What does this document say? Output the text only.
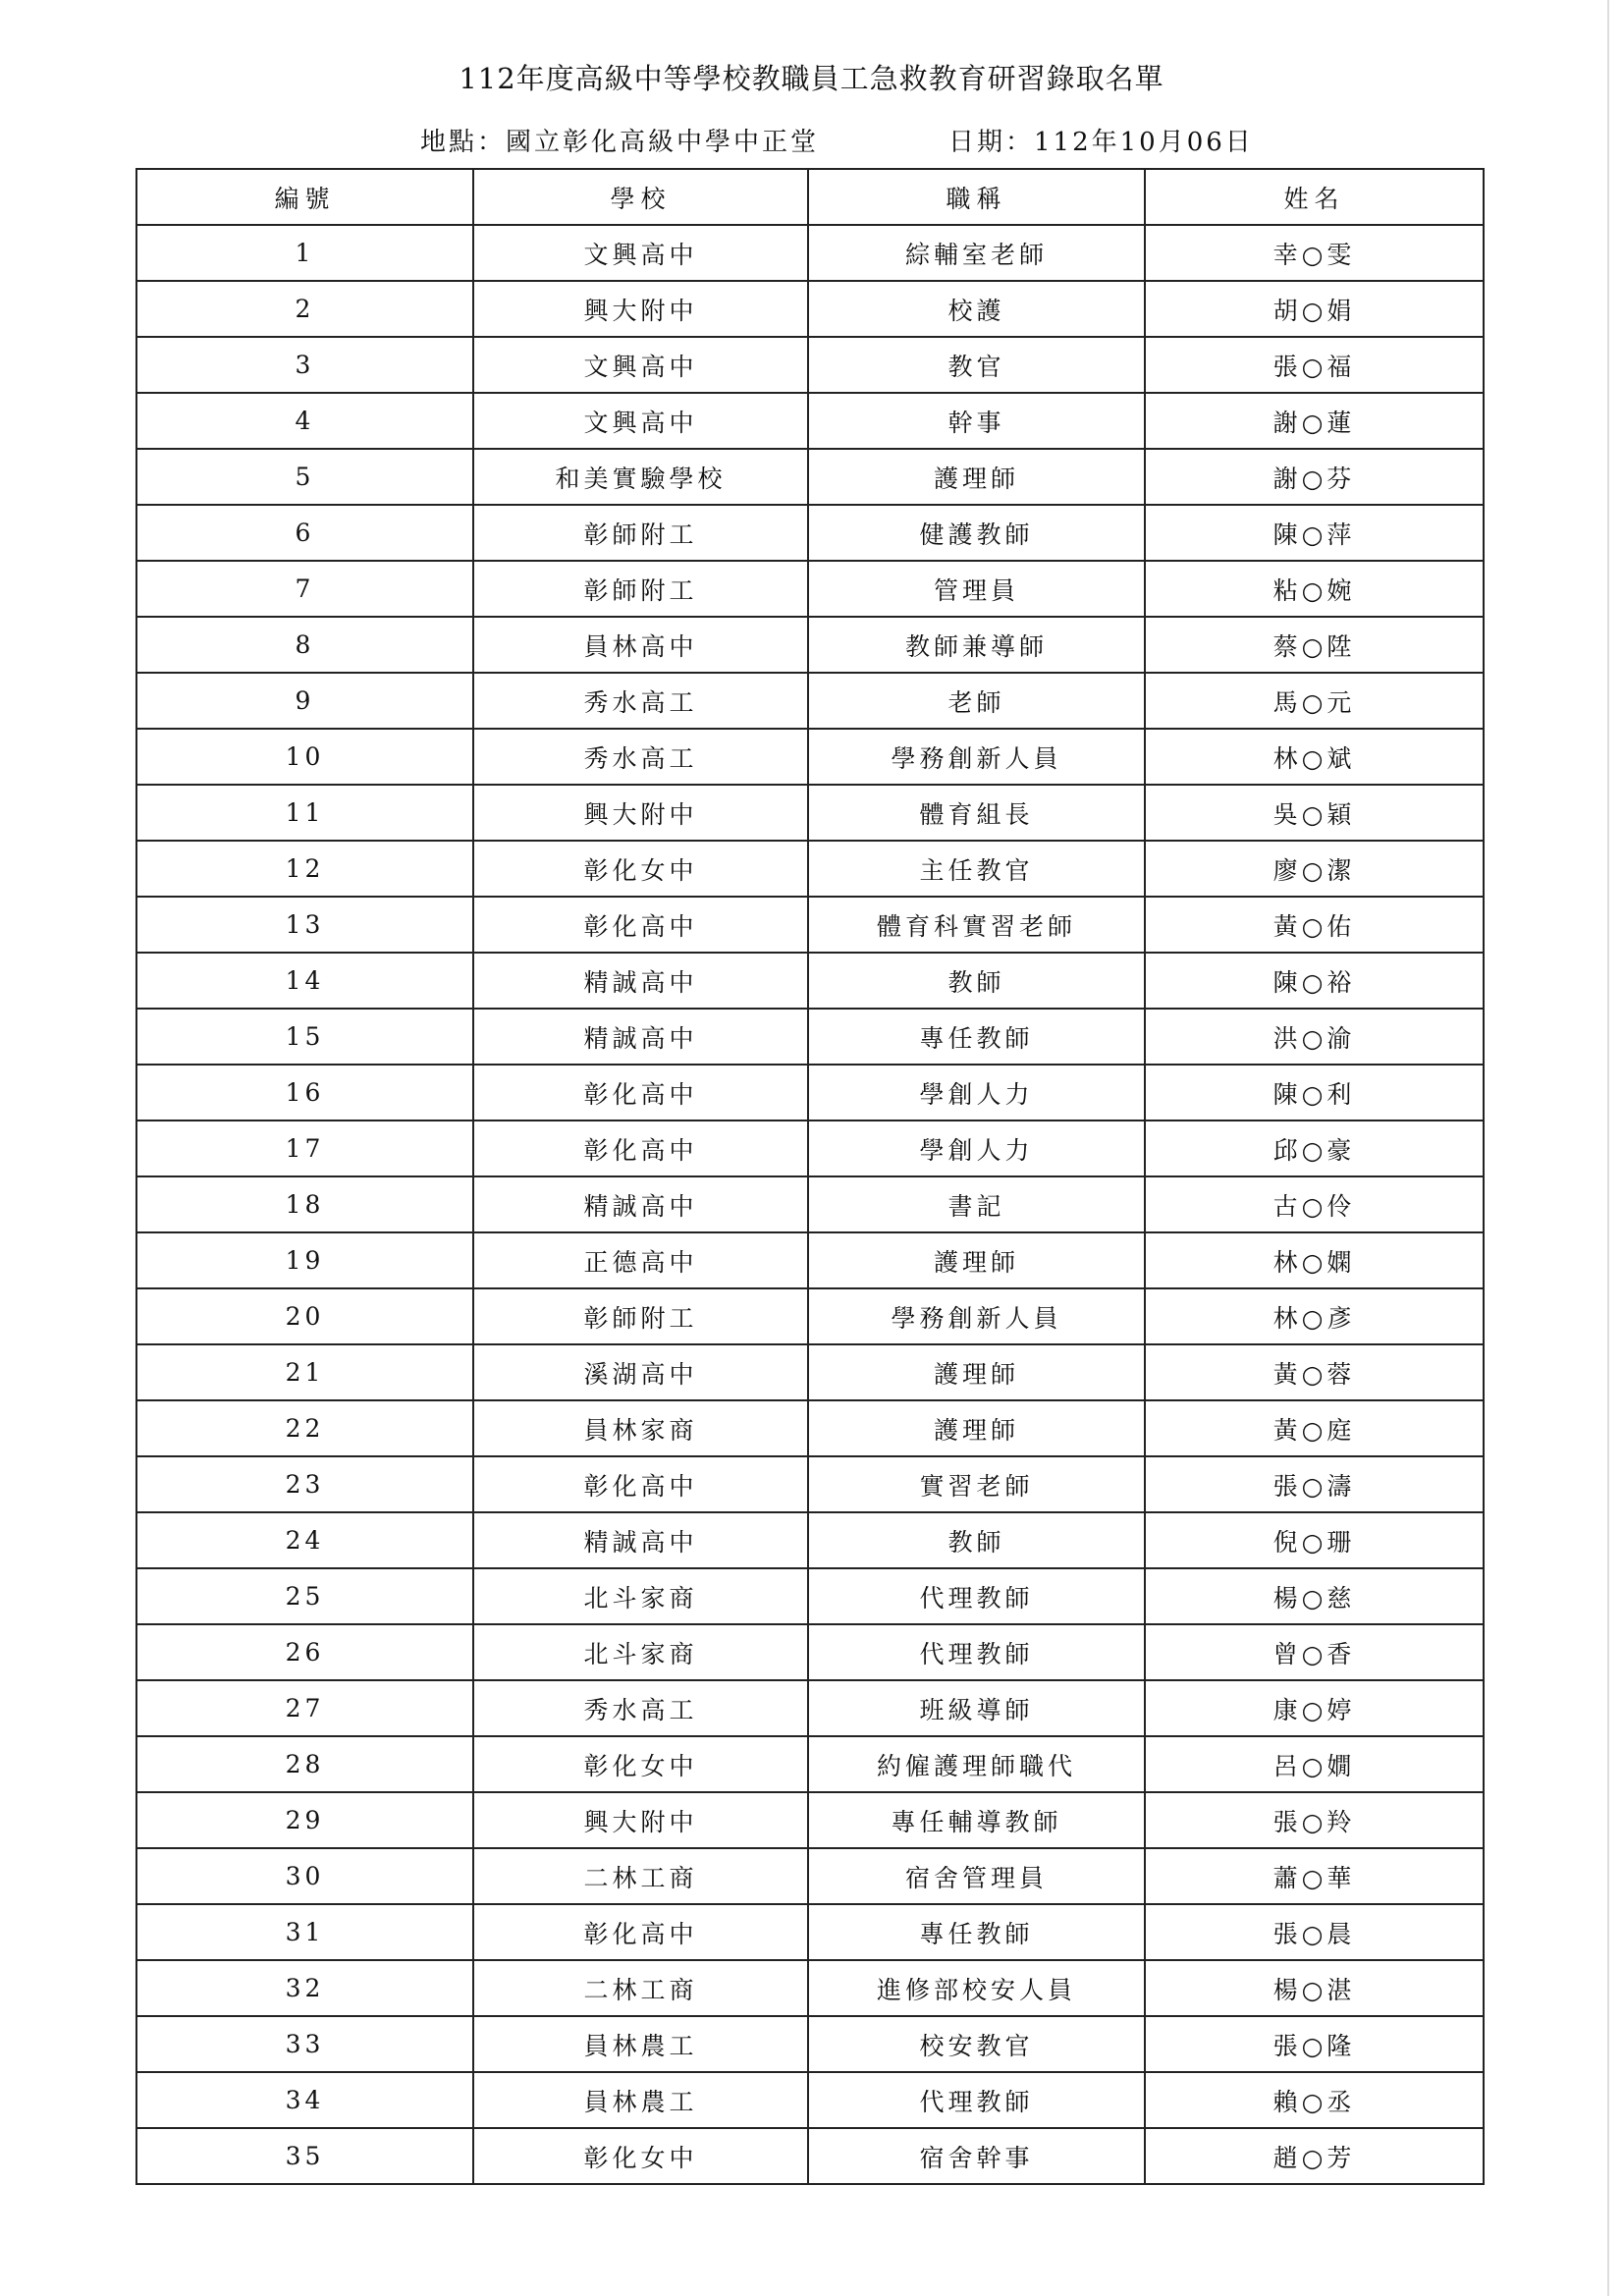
112年度高級中等學校教職員工急救教育研習錄取名單
地點：國立彰化高級中學中正堂	日期：112年10月06日
編號	學校	職稱	姓名
1	文興高中	綜輔室老師	幸○雯
2	興大附中	校護	胡○娟
3	文興高中	教官	張○福
4	文興高中	幹事	謝○蓮
5	和美實驗學校	護理師	謝○芬
6	彰師附工	健護教師	陳○萍
7	彰師附工	管理員	粘○婉
8	員林高中	教師兼導師	蔡○陞
9	秀水高工	老師	馬○元
10	秀水高工	學務創新人員	林○斌
11	興大附中	體育組長	吳○穎
12	彰化女中	主任教官	廖○潔
13	彰化高中	體育科實習老師	黃○佑
14	精誠高中	教師	陳○裕
15	精誠高中	專任教師	洪○渝
16	彰化高中	學創人力	陳○利
17	彰化高中	學創人力	邱○豪
18	精誠高中	書記	古○伶
19	正德高中	護理師	林○嫻
20	彰師附工	學務創新人員	林○彥
21	溪湖高中	護理師	黃○蓉
22	員林家商	護理師	黃○庭
23	彰化高中	實習老師	張○濤
24	精誠高中	教師	倪○珊
25	北斗家商	代理教師	楊○慈
26	北斗家商	代理教師	曾○香
27	秀水高工	班級導師	康○婷
28	彰化女中	約僱護理師職代	呂○嫺
29	興大附中	專任輔導教師	張○羚
30	二林工商	宿舍管理員	蕭○華
31	彰化高中	專任教師	張○晨
32	二林工商	進修部校安人員	楊○湛
33	員林農工	校安教官	張○隆
34	員林農工	代理教師	賴○丞
35	彰化女中	宿舍幹事	趙○芳
